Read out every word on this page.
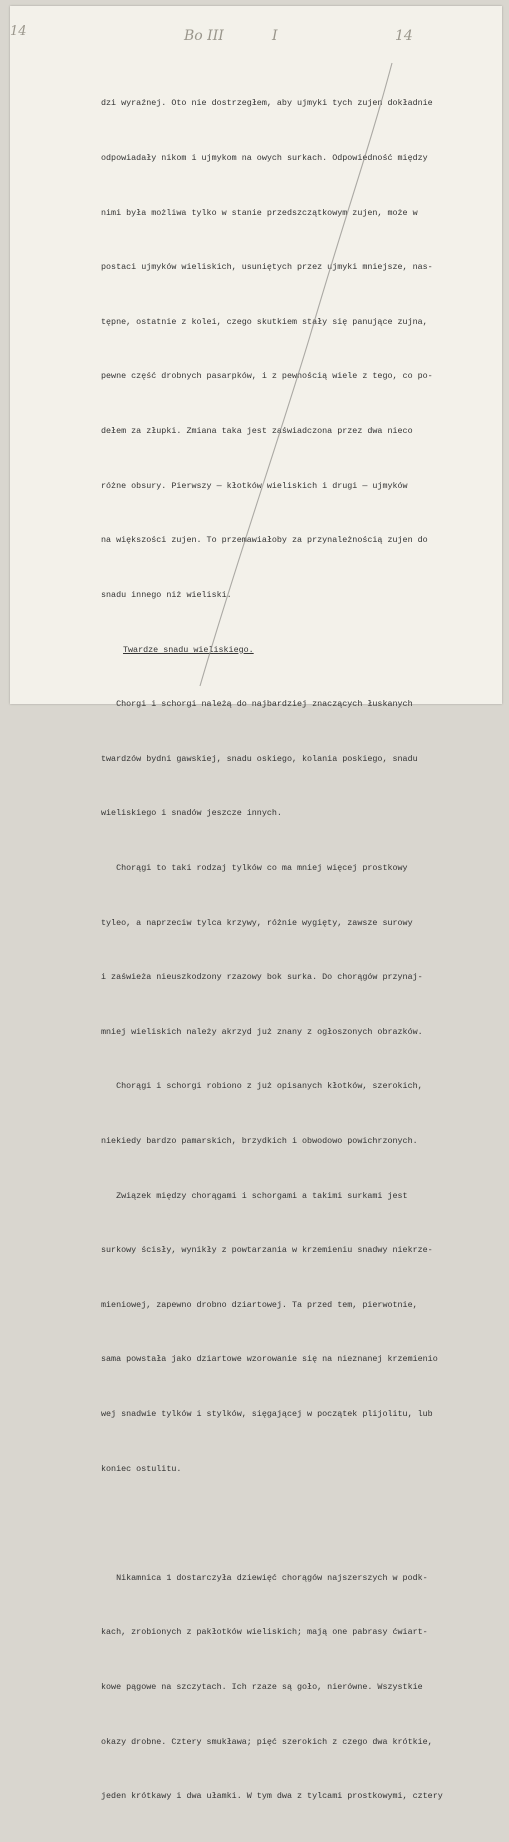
14	Bo III	I	14

dzi wyraźnej. Oto nie dostrzegłem, aby ujmyki tych zujen dokładnie

odpowiadały nikom i ujmykom na owych surkach. Odpowiedność między

nimi była możliwa tylko w stanie przedszczątkowym zujen, może w

postaci ujmyków wieliskich, usuniętych przez ujmyki mniejsze, nas-

tępne, ostatnie z kolei, czego skutkiem stały się panujące zujna,

pewne część drobnych pasarpków, i z pewnością wiele z tego, co po-

dełem za złupki. Zmiana taka jest zaświadczona przez dwa nieco

różne obsury. Pierwszy — kłotków wieliskich i drugi — ujmyków

na większości zujen. To przemawiałoby za przynależnością zujen do

snadu innego niż wieliski.

Twardze snadu wieliskiego.

Chorgi i schorgi należą do najbardziej znaczących łuskanych

twardzów bydni gawskiej, snadu oskiego, kolania poskiego, snadu

wieliskiego i snadów jeszcze innych.

Chorągi to taki rodzaj tylków co ma mniej więcej prostkowy

tyleo, a naprzeciw tylca krzywy, różnie wygięty, zawsze surowy

i zaświeża nieuszkodzony rzazowy bok surka. Do chorągów przynaj-

mniej wieliskich należy akrzyd już znany z ogłoszonych obrazków.

Chorągi i schorgi robiono z już opisanych kłotków, szerokich,

niekiedy bardzo pamarskich, brzydkich i obwodowo powichrzonych.

Związek między chorągami i schorgami a takimi surkami jest

surkowy ścisły, wynikły z powtarzania w krzemieniu snadwy niekrze-

mieniowej, zapewno drobno dziartowej. Ta przed tem, pierwotnie,

sama powstała jako dziartowe wzorowanie się na nieznanej krzemienio

wej snadwie tylków i stylków, sięgającej w początek plijolitu, lub

koniec ostulitu.

Nikamnica 1 dostarczyła dziewięć chorągów najszerszych w podk-

kach, zrobionych z pakłotków wieliskich; mają one pabrasy ćwiart-

kowe pągowe na szczytach. Ich rzaze są goło, nierówne. Wszystkie

okazy drobne. Cztery smukława; pięć szerokich z czego dwa krótkie,

jeden krótkawy i dwa ułamki. W tym dwa z tylcami prostkowymi, cztery
